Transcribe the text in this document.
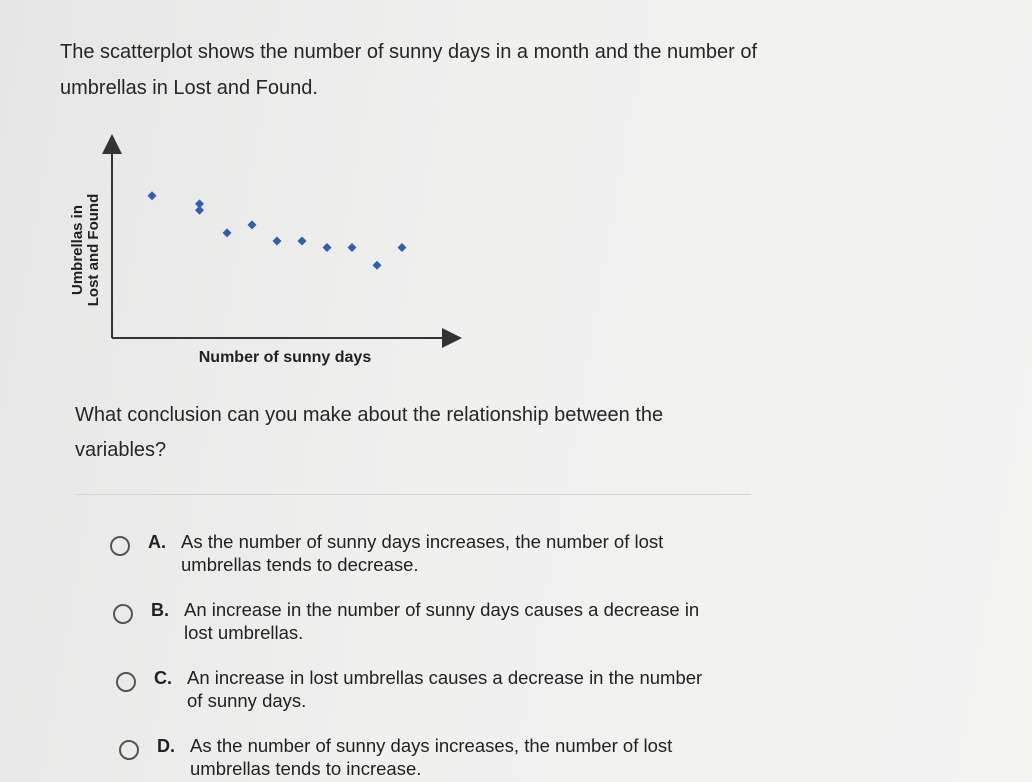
The scatterplot shows the number of sunny days in a month and the number of umbrellas in Lost and Found.
Umbrellas in Lost and Found
Number of sunny days
What conclusion can you make about the relationship between the variables?
A. As the number of sunny days increases, the number of lost
umbrellas tends to decrease.
B. An increase in the number of sunny days causes a decrease in
lost umbrellas.
C. An increase in lost umbrellas causes a decrease in the number
of sunny days.
D. As the number of sunny days increases, the number of lost
umbrellas tends to increase.
